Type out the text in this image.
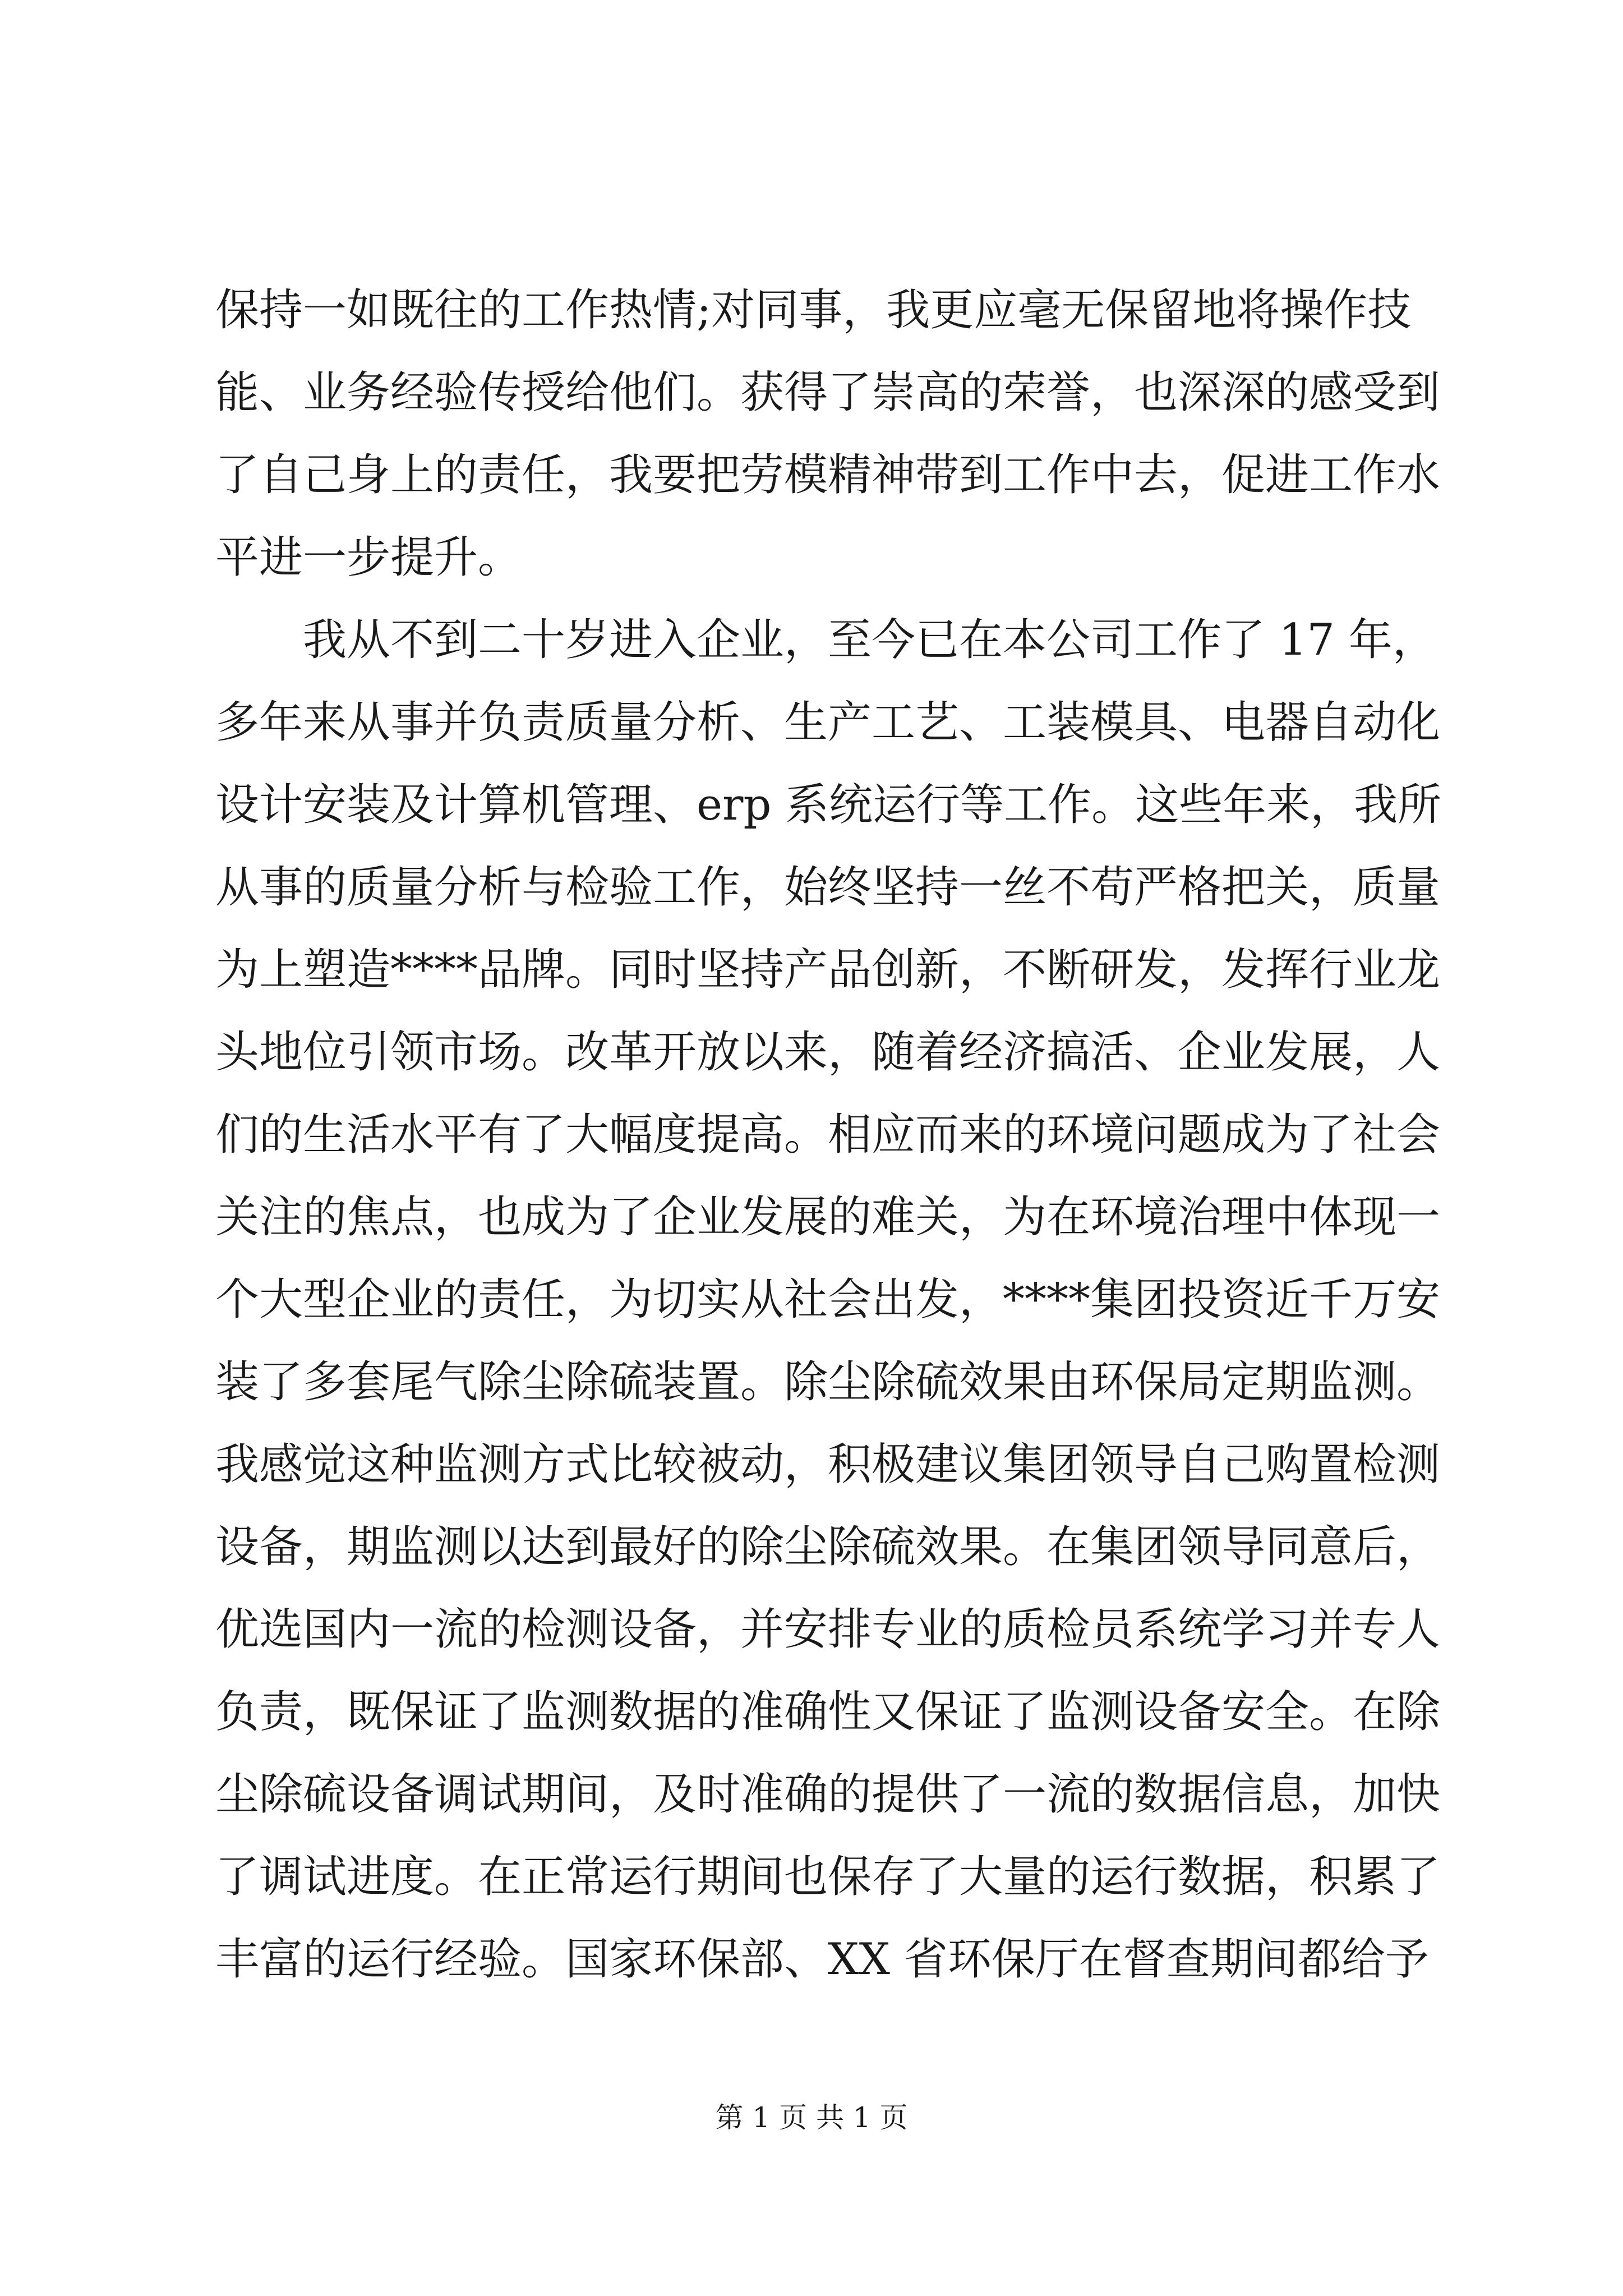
保持一如既往的工作热情;对同事，我更应毫无保留地将操作技
能、业务经验传授给他们。获得了崇高的荣誉，也深深的感受到
了自己身上的责任，我要把劳模精神带到工作中去，促进工作水
平进一步提升。
　　我从不到二十岁进入企业，至今已在本公司工作了 17 年，
多年来从事并负责质量分析、生产工艺、工装模具、电器自动化
设计安装及计算机管理、erp 系统运行等工作。这些年来，我所
从事的质量分析与检验工作，始终坚持一丝不苟严格把关，质量
为上塑造****品牌。同时坚持产品创新，不断研发，发挥行业龙
头地位引领市场。改革开放以来，随着经济搞活、企业发展，人
们的生活水平有了大幅度提高。相应而来的环境问题成为了社会
关注的焦点，也成为了企业发展的难关，为在环境治理中体现一
个大型企业的责任，为切实从社会出发，****集团投资近千万安
装了多套尾气除尘除硫装置。除尘除硫效果由环保局定期监测。
我感觉这种监测方式比较被动，积极建议集团领导自己购置检测
设备，期监测以达到最好的除尘除硫效果。在集团领导同意后，
优选国内一流的检测设备，并安排专业的质检员系统学习并专人
负责，既保证了监测数据的准确性又保证了监测设备安全。在除
尘除硫设备调试期间，及时准确的提供了一流的数据信息，加快
了调试进度。在正常运行期间也保存了大量的运行数据，积累了
丰富的运行经验。国家环保部、XX 省环保厅在督查期间都给予
第 1 页 共 1 页
